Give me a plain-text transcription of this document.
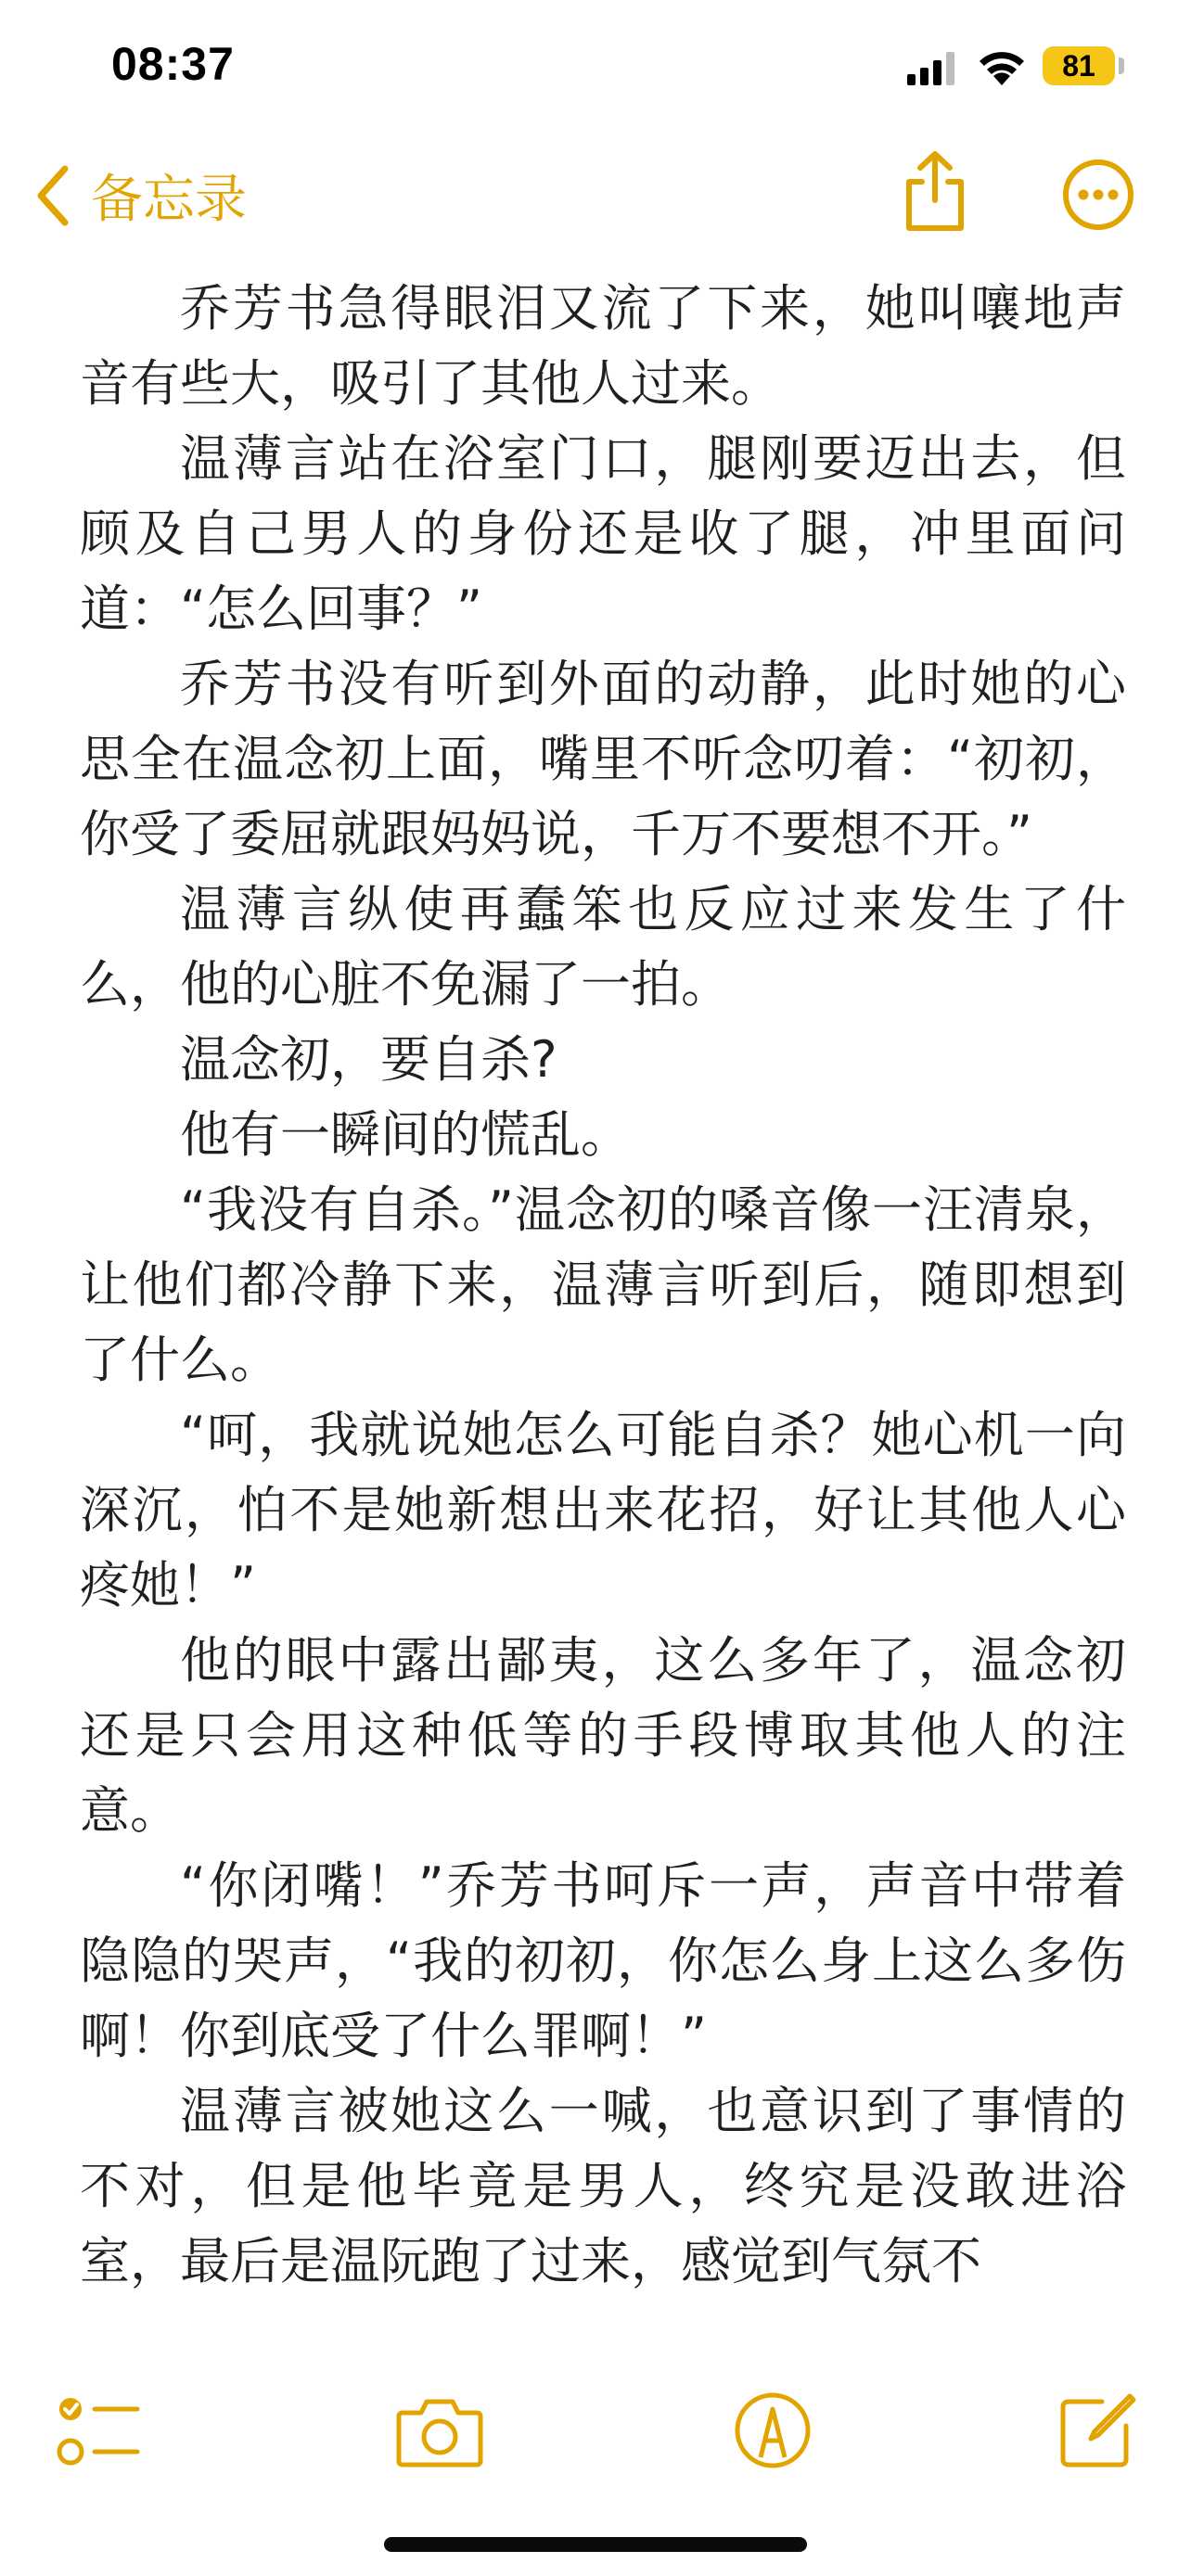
08:37	81
备忘录

乔芳书急得眼泪又流了下来，她叫嚷地声音有些大，吸引了其他人过来。

温薄言站在浴室门口，腿刚要迈出去，但顾及自己男人的身份还是收了腿，冲里面问道：“怎么回事？”

乔芳书没有听到外面的动静，此时她的心思全在温念初上面，嘴里不听念叨着：“初初，你受了委屈就跟妈妈说，千万不要想不开。”

温薄言纵使再蠢笨也反应过来发生了什么，他的心脏不免漏了一拍。

温念初，要自杀?

他有一瞬间的慌乱。

“我没有自杀。”温念初的嗓音像一汪清泉，让他们都冷静下来，温薄言听到后，随即想到了什么。

“呵，我就说她怎么可能自杀？她心机一向深沉，怕不是她新想出来花招，好让其他人心疼她！”

他的眼中露出鄙夷，这么多年了，温念初还是只会用这种低等的手段博取其他人的注意。

“你闭嘴！”乔芳书呵斥一声，声音中带着隐隐的哭声，“我的初初，你怎么身上这么多伤啊！你到底受了什么罪啊！”

温薄言被她这么一喊，也意识到了事情的不对，但是他毕竟是男人，终究是没敢进浴室，最后是温阮跑了过来，感觉到气氛不
